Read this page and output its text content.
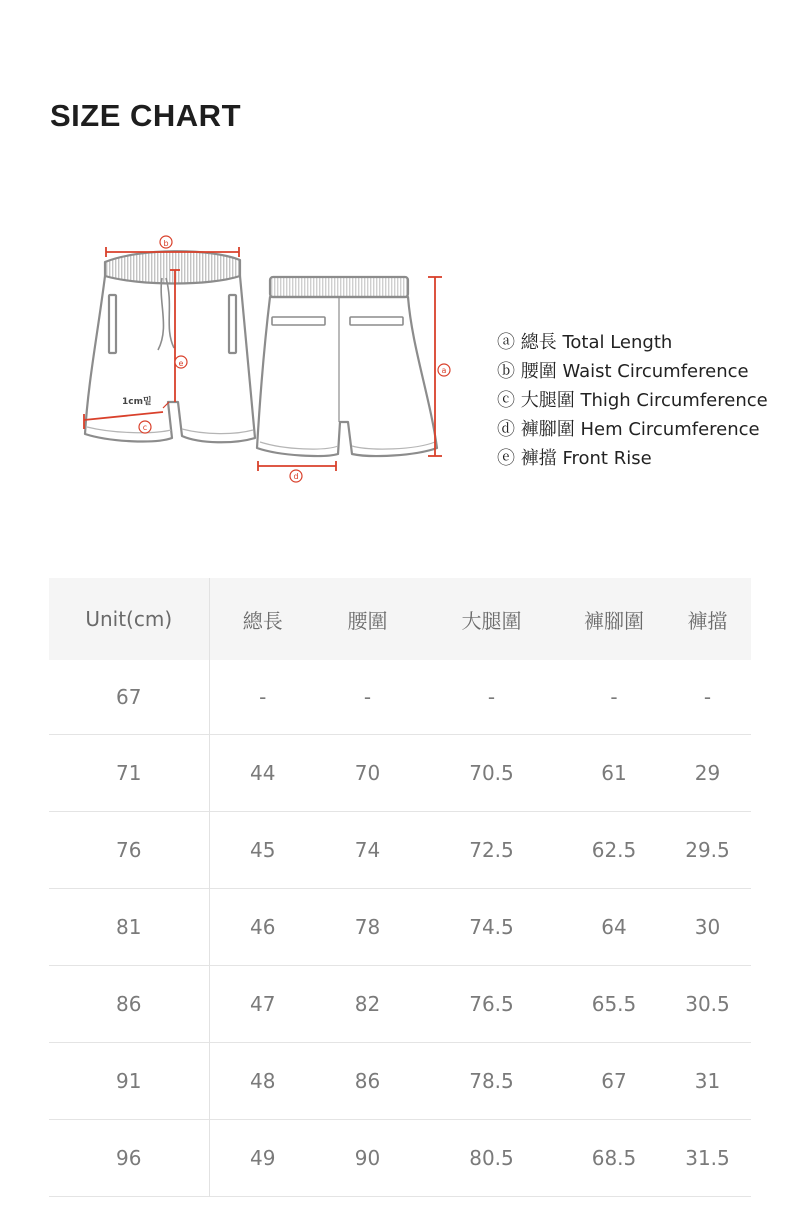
SIZE CHART
b
e
c
1cm밑
a
d
ⓐ
總長 Total Length
ⓑ
腰圍 Waist Circumference
ⓒ
大腿圍 Thigh Circumference
ⓓ
褲腳圍 Hem Circumference
ⓔ
褲擋 Front Rise
Unit(cm)	總長	腰圍	大腿圍	褲腳圍	褲擋
67	-	-	-	-	-
71	44	70	70.5	61	29
76	45	74	72.5	62.5	29.5
81	46	78	74.5	64	30
86	47	82	76.5	65.5	30.5
91	48	86	78.5	67	31
96	49	90	80.5	68.5	31.5
